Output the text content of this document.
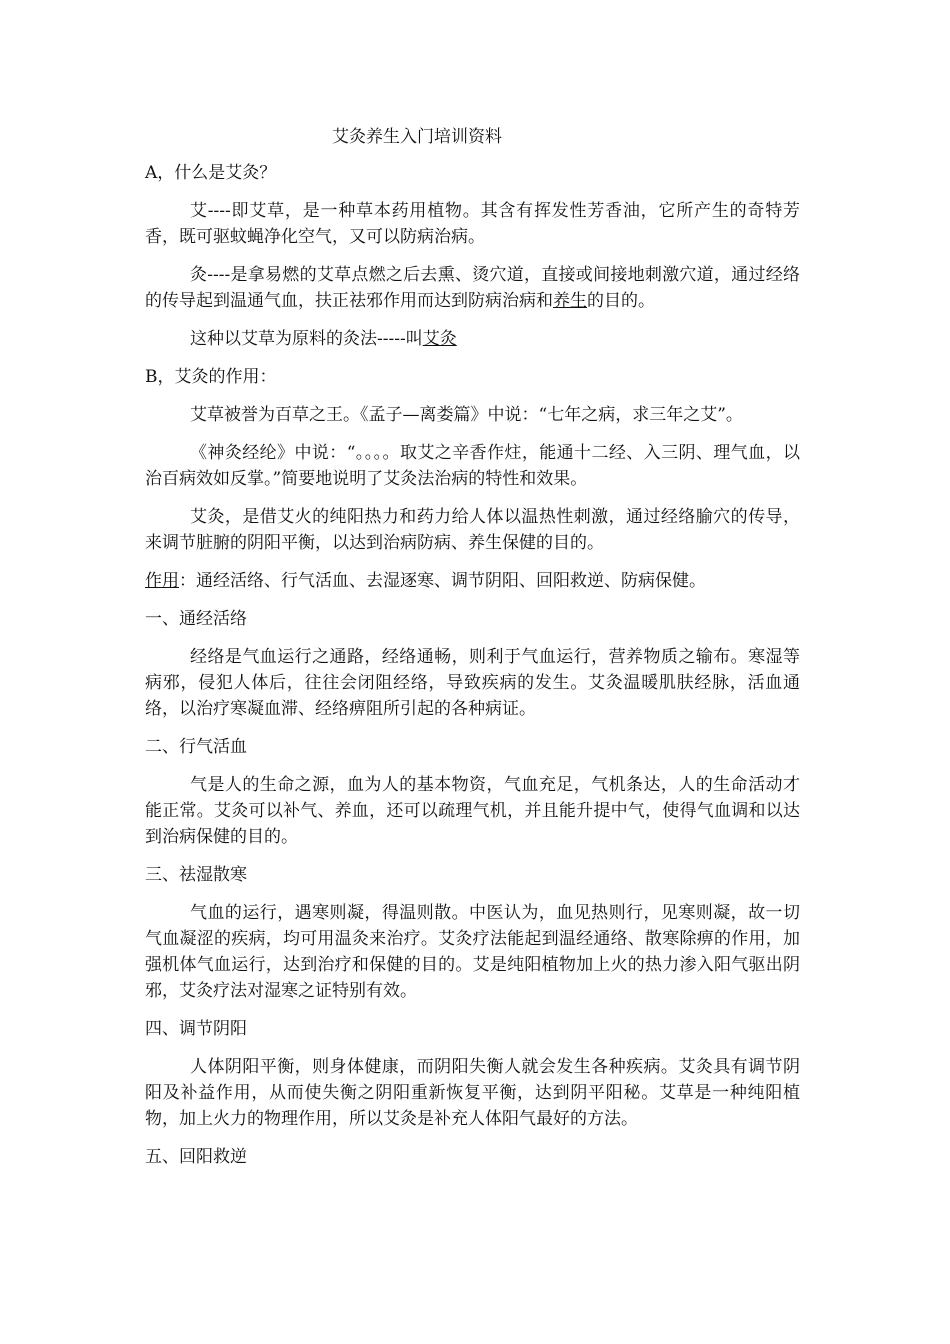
艾灸养生入门培训资料
A，什么是艾灸？

艾----即艾草，是一种草本药用植物。其含有挥发性芳香油，它所产生的奇特芳香，既可驱蚊蝇净化空气，又可以防病治病。

灸----是拿易燃的艾草点燃之后去熏、烫穴道，直接或间接地刺激穴道，通过经络的传导起到温通气血，扶正祛邪作用而达到防病治病和养生的目的。

这种以艾草为原料的灸法-----叫艾灸

B，艾灸的作用：

艾草被誉为百草之王。《孟子—离娄篇》中说：“七年之病，求三年之艾”。

《神灸经纶》中说：“。。。。取艾之辛香作炷，能通十二经、入三阴、理气血，以治百病效如反掌。”简要地说明了艾灸法治病的特性和效果。

艾灸，是借艾火的纯阳热力和药力给人体以温热性刺激，通过经络腧穴的传导，来调节脏腑的阴阳平衡，以达到治病防病、养生保健的目的。

作用：通经活络、行气活血、去湿逐寒、调节阴阳、回阳救逆、防病保健。

一、通经活络

经络是气血运行之通路，经络通畅，则利于气血运行，营养物质之输布。寒湿等病邪，侵犯人体后，往往会闭阻经络，导致疾病的发生。艾灸温暖肌肤经脉，活血通络，以治疗寒凝血滞、经络痹阻所引起的各种病证。

二、行气活血

气是人的生命之源，血为人的基本物资，气血充足，气机条达，人的生命活动才能正常。艾灸可以补气、养血，还可以疏理气机，并且能升提中气，使得气血调和以达到治病保健的目的。

三、祛湿散寒

气血的运行，遇寒则凝，得温则散。中医认为，血见热则行，见寒则凝，故一切气血凝涩的疾病，均可用温灸来治疗。艾灸疗法能起到温经通络、散寒除痹的作用，加强机体气血运行，达到治疗和保健的目的。艾是纯阳植物加上火的热力渗入阳气驱出阴邪，艾灸疗法对湿寒之证特别有效。

四、调节阴阳

人体阴阳平衡，则身体健康，而阴阳失衡人就会发生各种疾病。艾灸具有调节阴阳及补益作用，从而使失衡之阴阳重新恢复平衡，达到阴平阳秘。艾草是一种纯阳植物，加上火力的物理作用，所以艾灸是补充人体阳气最好的方法。

五、回阳救逆
